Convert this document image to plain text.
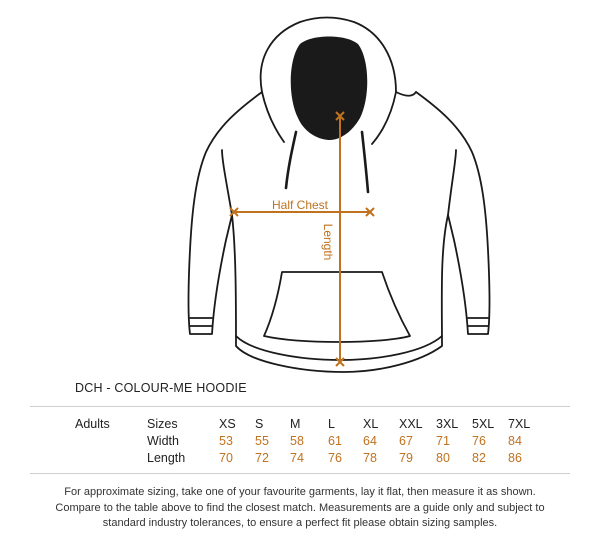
Half Chest
Length
DCH - COLOUR-ME HOODIE
Adults	Sizes	XS S M L XL XXL 3XL 5XL 7XL
Width	53 55 58 61 64 67 71 76 84
Length	70 72 74 76 78 79 80 82 86
For approximate sizing, take one of your favourite garments, lay it flat, then measure it as shown.
Compare to the table above to find the closest match. Measurements are a guide only and subject to
standard industry tolerances, to ensure a perfect fit please obtain sizing samples.
